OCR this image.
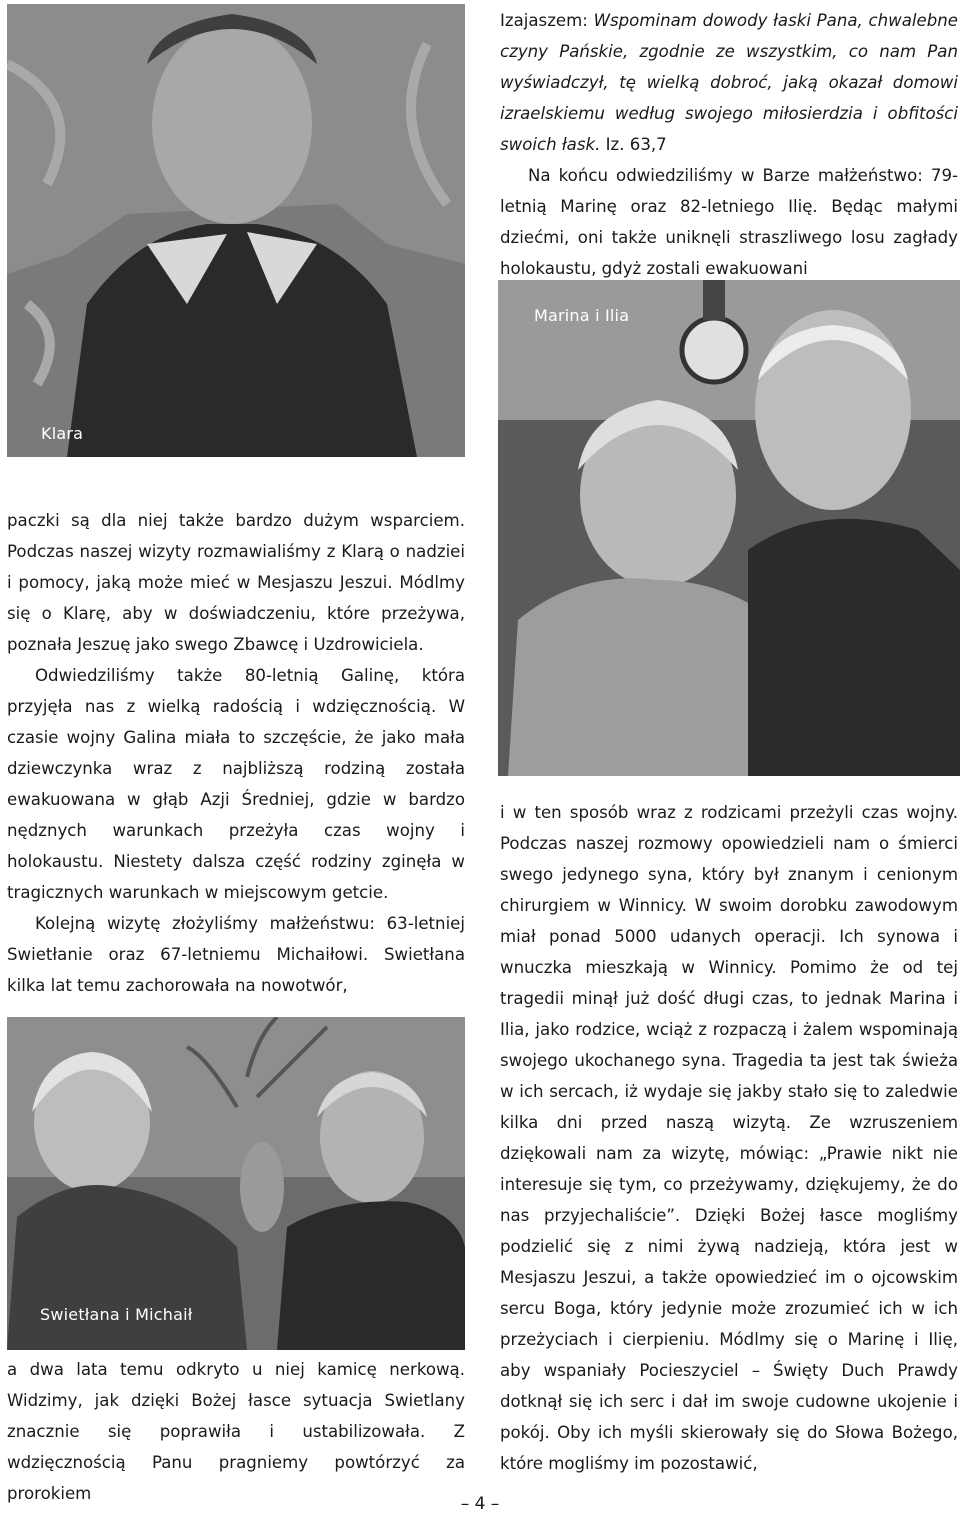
Klara
Marina i Ilia
Swietłana i Michaił

Izajaszem: Wspominam dowody łaski Pana, chwalebne czyny Pańskie, zgodnie ze wszystkim, co nam Pan wyświadczył, tę wielką dobroć, jaką okazał domowi izraelskiemu według swojego miłosierdzia i obfitości swoich łask. Iz. 63,7

Na końcu odwiedziliśmy w Barze małżeństwo: 79-letnią Marinę oraz 82-letniego Ilię. Będąc małymi dziećmi, oni także uniknęli straszliwego losu zagłady holokaustu, gdyż zostali ewakuowani

paczki są dla niej także bardzo dużym wsparciem. Podczas naszej wizyty rozmawialiśmy z Klarą o nadziei i pomocy, jaką może mieć w Mesjaszu Jeszui. Módlmy się o Klarę, aby w doświadczeniu, które przeżywa, poznała Jeszuę jako swego Zbawcę i Uzdrowiciela.

Odwiedziliśmy także 80-letnią Galinę, która przyjęła nas z wielką radością i wdzięcznością. W czasie wojny Galina miała to szczęście, że jako mała dziewczynka wraz z najbliższą rodziną została ewakuowana w głąb Azji Średniej, gdzie w bardzo nędznych warunkach przeżyła czas wojny i holokaustu. Niestety dalsza część rodziny zginęła w tragicznych warunkach w miejscowym getcie.

Kolejną wizytę złożyliśmy małżeństwu: 63-letniej Swietłanie oraz 67-letniemu Michaiłowi. Swietłana kilka lat temu zachorowała na nowotwór,

a dwa lata temu odkryto u niej kamicę nerkową. Widzimy, jak dzięki Bożej łasce sytuacja Swietlany znacznie się poprawiła i ustabilizowała. Z wdzięcznością Panu pragniemy powtórzyć za prorokiem

i w ten sposób wraz z rodzicami przeżyli czas wojny. Podczas naszej rozmowy opowiedzieli nam o śmierci swego jedynego syna, który był znanym i cenionym chirurgiem w Winnicy. W swoim dorobku zawodowym miał ponad 5000 udanych operacji. Ich synowa i wnuczka mieszkają w Winnicy. Pomimo że od tej tragedii minął już dość długi czas, to jednak Marina i Ilia, jako rodzice, wciąż z rozpaczą i żalem wspominają swojego ukochanego syna. Tragedia ta jest tak świeża w ich sercach, iż wydaje się jakby stało się to zaledwie kilka dni przed naszą wizytą. Ze wzruszeniem dziękowali nam za wizytę, mówiąc: „Prawie nikt nie interesuje się tym, co przeżywamy, dziękujemy, że do nas przyjechaliście”. Dzięki Bożej łasce mogliśmy podzielić się z nimi żywą nadzieją, która jest w Mesjaszu Jeszui, a także opowiedzieć im o ojcowskim sercu Boga, który jedynie może zrozumieć ich w ich przeżyciach i cierpieniu. Módlmy się o Marinę i Ilię, aby wspaniały Pocieszyciel – Święty Duch Prawdy dotknął się ich serc i dał im swoje cudowne ukojenie i pokój. Oby ich myśli skierowały się do Słowa Bożego, które mogliśmy im pozostawić,

– 4 –
